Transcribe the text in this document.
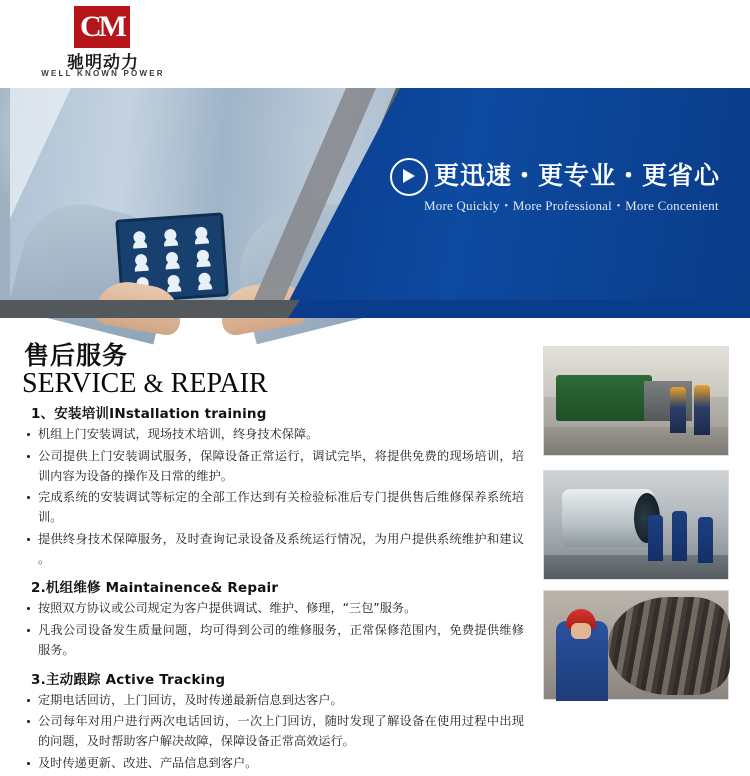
CM
驰明动力
WELL KNOWN POWER
更迅速・更专业・更省心
More Quickly・More Professional・More Concenient
售后服务
SERVICE & REPAIR
1、安装培训INstallation training
机组上门安装调试，现场技术培训，终身技术保障。
公司提供上门安装调试服务，保障设备正常运行，调试完毕，将提供免费的现场培训，培训内容为设备的操作及日常的维护。
完成系统的安装调试等标定的全部工作达到有关检验标准后专门提供售后维修保养系统培训。
提供终身技术保障服务，及时查询记录设备及系统运行情况，为用户提供系统维护和建议 。
2.机组维修 Maintainence& Repair
按照双方协议或公司规定为客户提供调试、维护、修理，“三包”服务。
凡我公司设备发生质量问题，均可得到公司的维修服务，正常保修范围内，免费提供维修服务。
3.主动跟踪 Active Tracking
定期电话回访，上门回访，及时传递最新信息到达客户。
公司每年对用户进行两次电话回访，一次上门回访，随时发现了解设备在使用过程中出现的问题，及时帮助客户解决故障，保障设备正常高效运行。
及时传递更新、改进、产品信息到客户。
